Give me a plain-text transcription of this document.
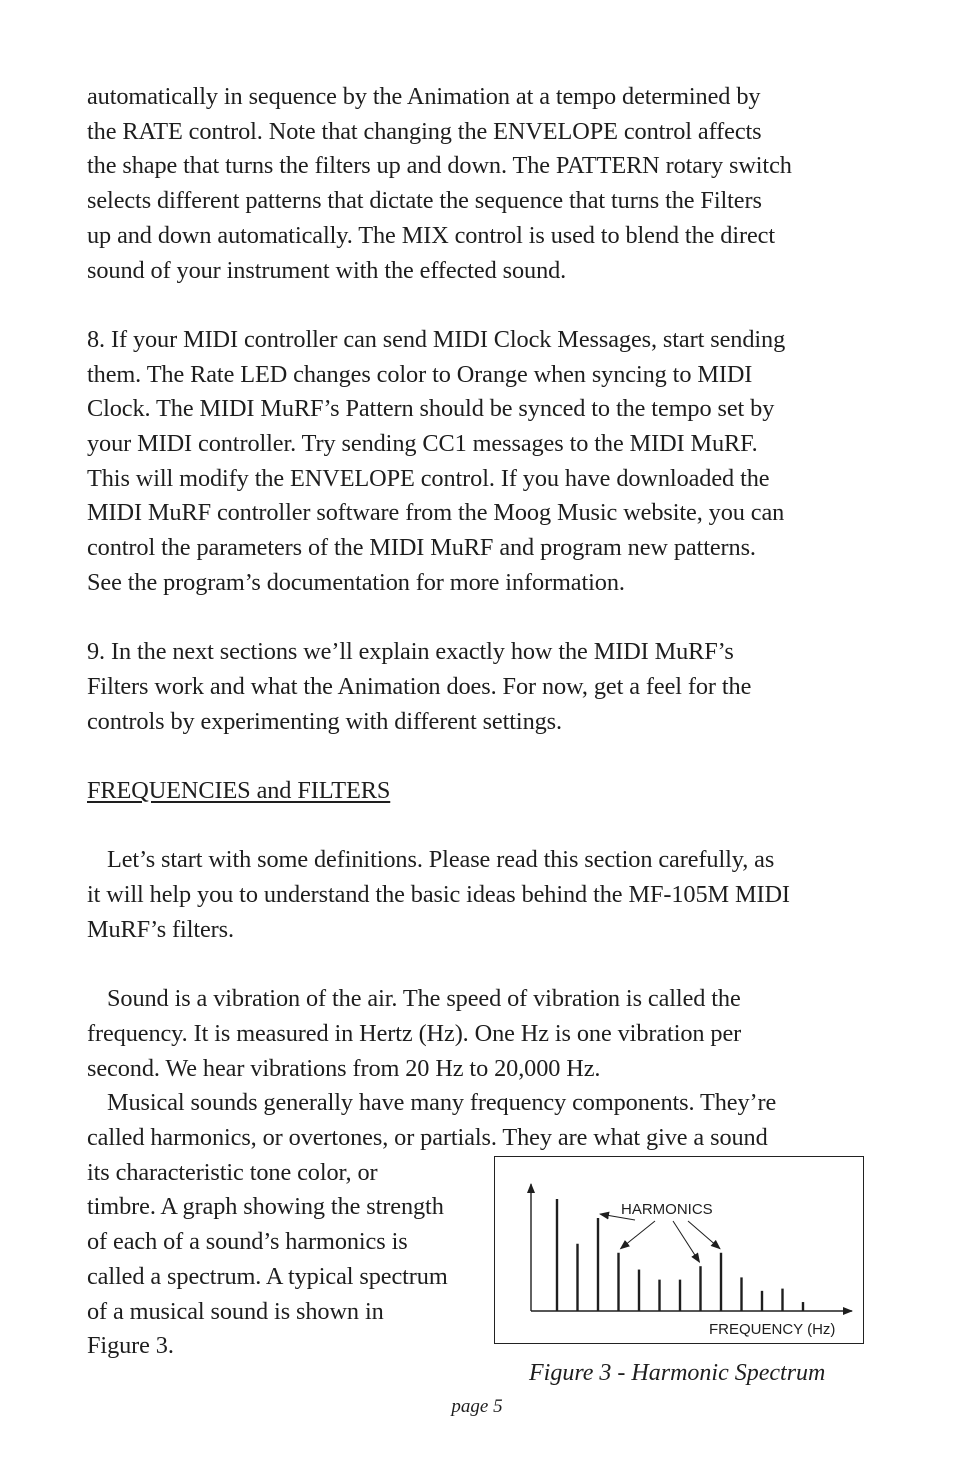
automatically in sequence by the Animation at a tempo determined by

the RATE control. Note that changing the ENVELOPE control affects

the shape that turns the filters up and down. The PATTERN rotary switch

selects different patterns that dictate the sequence that turns the Filters

up and down automatically. The MIX control is used to blend the direct

sound of your instrument with the effected sound.

8. If your MIDI controller can send MIDI Clock Messages, start sending

them. The Rate LED changes color to Orange when syncing to MIDI

Clock. The MIDI MuRF’s Pattern should be synced to the tempo set by

your MIDI controller. Try sending CC1 messages to the MIDI MuRF.

This will modify the ENVELOPE control. If you have downloaded the

MIDI MuRF controller software from the Moog Music website, you can

control the parameters of the MIDI MuRF and program new patterns.

See the program’s documentation for more information.

9. In the next sections we’ll explain exactly how the MIDI MuRF’s

Filters work and what the Animation does. For now, get a feel for the

controls by experimenting with different settings.

FREQUENCIES and FILTERS

Let’s start with some definitions. Please read this section carefully, as

it will help you to understand the basic ideas behind the MF-105M MIDI

MuRF’s filters.

Sound is a vibration of the air. The speed of vibration is called the

frequency. It is measured in Hertz (Hz). One Hz is one vibration per

second. We hear vibrations from 20 Hz to 20,000 Hz.

Musical sounds generally have many frequency components. They’re

called harmonics, or overtones, or partials. They are what give a sound

its characteristic tone color, or

timbre. A graph showing the strength

of each of a sound’s harmonics is

called a spectrum. A typical spectrum

of a musical sound is shown in

Figure 3.

HARMONICS
FREQUENCY (Hz)
Figure 3 - Harmonic Spectrum
page 5
